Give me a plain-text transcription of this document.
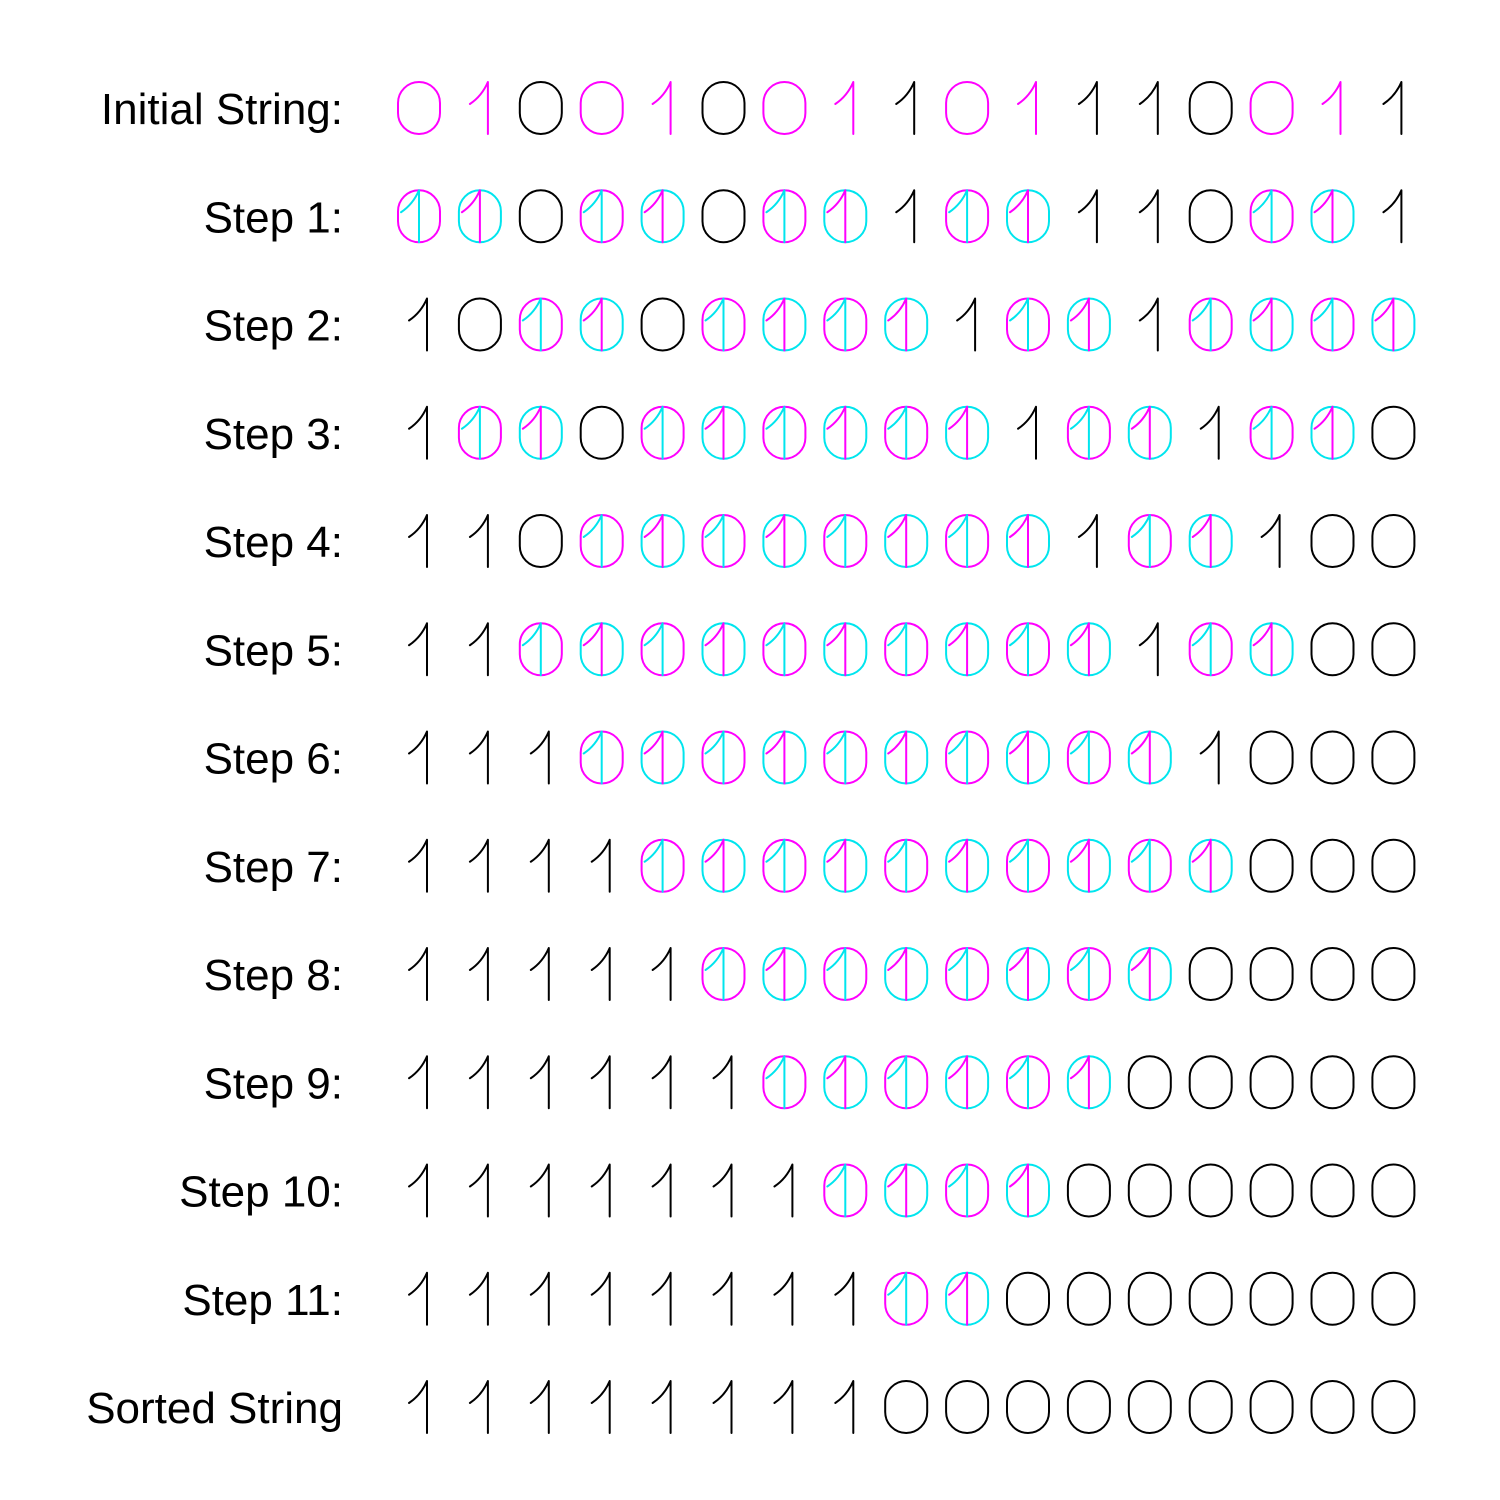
Initial String:
Step 1:
Step 2:
Step 3:
Step 4:
Step 5:
Step 6:
Step 7:
Step 8:
Step 9:
Step 10:
Step 11:
Sorted String
